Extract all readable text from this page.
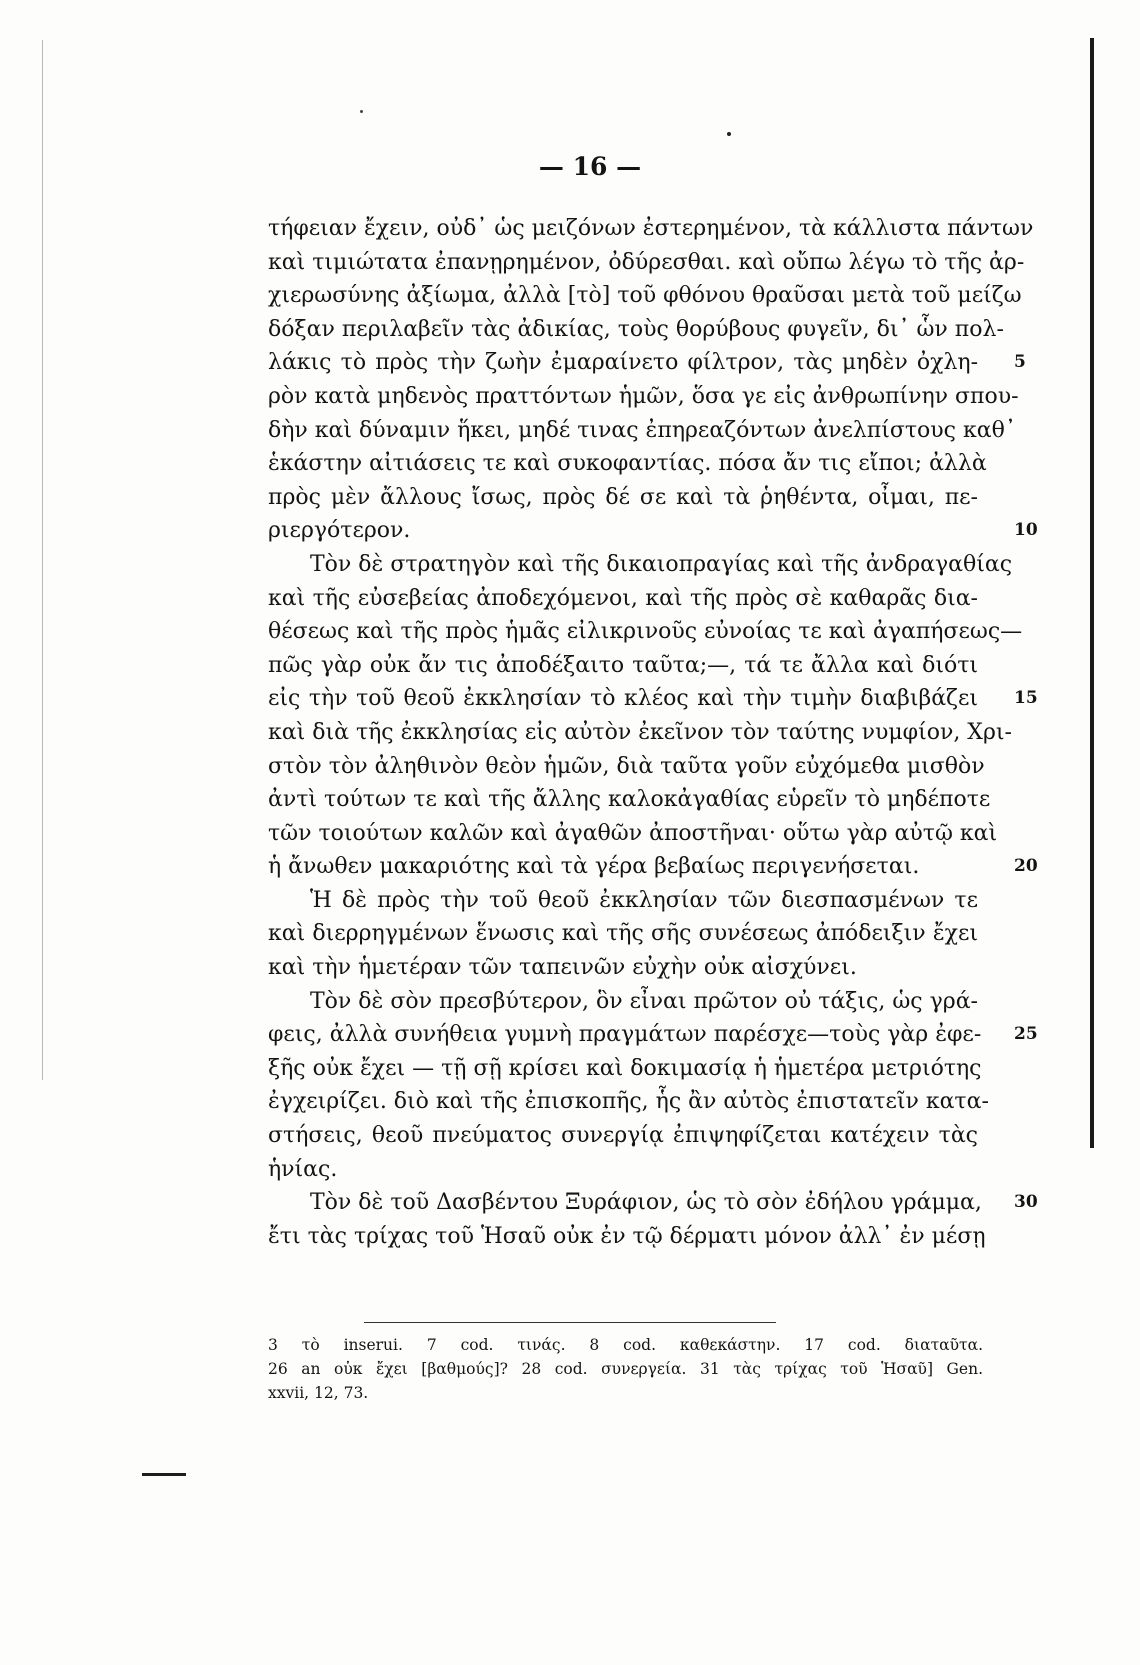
— 16 —
τήφειαν ἔχειν, οὐδ᾽ ὡς μειζόνων ἐστερημένον, τὰ κάλλιστα πάντων
καὶ τιμιώτατα ἐπανῃρημένον, ὀδύρεσθαι. καὶ οὔπω λέγω τὸ τῆς ἀρ-
χιερωσύνης ἀξίωμα, ἀλλὰ [τὸ] τοῦ φθόνου θραῦσαι μετὰ τοῦ μείζω
δόξαν περιλαβεῖν τὰς ἀδικίας, τοὺς θορύβους φυγεῖν, δι᾽ ὧν πολ-
λάκις τὸ πρὸς τὴν ζωὴν ἐμαραίνετο φίλτρον, τὰς μηδὲν ὀχλη- 5
ρὸν κατὰ μηδενὸς πραττόντων ἡμῶν, ὅσα γε εἰς ἀνθρωπίνην σπου-
δὴν καὶ δύναμιν ἥκει, μηδέ τινας ἐπηρεαζόντων ἀνελπίστους καθ᾽
ἑκάστην αἰτιάσεις τε καὶ συκοφαντίας. πόσα ἄν τις εἴποι; ἀλλὰ
πρὸς μὲν ἄλλους ἴσως, πρὸς δέ σε καὶ τὰ ῥηθέντα, οἶμαι, πε-
ριεργότερον.	10
Τὸν δὲ στρατηγὸν καὶ τῆς δικαιοπραγίας καὶ τῆς ἀνδραγαθίας
καὶ τῆς εὐσεβείας ἀποδεχόμενοι, καὶ τῆς πρὸς σὲ καθαρᾶς δια-
θέσεως καὶ τῆς πρὸς ἡμᾶς εἰλικρινοῦς εὐνοίας τε καὶ ἀγαπήσεως—
πῶς γὰρ οὐκ ἄν τις ἀποδέξαιτο ταῦτα;—, τά τε ἄλλα καὶ διότι
εἰς τὴν τοῦ θεοῦ ἐκκλησίαν τὸ κλέος καὶ τὴν τιμὴν διαβιβάζει 15
καὶ διὰ τῆς ἐκκλησίας εἰς αὐτὸν ἐκεῖνον τὸν ταύτης νυμφίον, Χρι-
στὸν τὸν ἀληθινὸν θεὸν ἡμῶν, διὰ ταῦτα γοῦν εὐχόμεθα μισθὸν
ἀντὶ τούτων τε καὶ τῆς ἄλλης καλοκἀγαθίας εὑρεῖν τὸ μηδέποτε
τῶν τοιούτων καλῶν καὶ ἀγαθῶν ἀποστῆναι· οὕτω γὰρ αὐτῷ καὶ
ἡ ἄνωθεν μακαριότης καὶ τὰ γέρα βεβαίως περιγενήσεται.	20
Ἡ δὲ πρὸς τὴν τοῦ θεοῦ ἐκκλησίαν τῶν διεσπασμένων τε
καὶ διερρηγμένων ἕνωσις καὶ τῆς σῆς συνέσεως ἀπόδειξιν ἔχει
καὶ τὴν ἡμετέραν τῶν ταπεινῶν εὐχὴν οὐκ αἰσχύνει.
Τὸν δὲ σὸν πρεσβύτερον, ὃν εἶναι πρῶτον οὐ τάξις, ὡς γρά-
φεις, ἀλλὰ συνήθεια γυμνὴ πραγμάτων παρέσχε—τοὺς γὰρ ἐφε- 25
ξῆς οὐκ ἔχει — τῇ σῇ κρίσει καὶ δοκιμασίᾳ ἡ ἡμετέρα μετριότης
ἐγχειρίζει. διὸ καὶ τῆς ἐπισκοπῆς, ἧς ἂν αὐτὸς ἐπιστατεῖν κατα-
στήσεις, θεοῦ πνεύματος συνεργίᾳ ἐπιψηφίζεται κατέχειν τὰς
ἡνίας.
Τὸν δὲ τοῦ Δασβέντου Ξυράφιον, ὡς τὸ σὸν ἐδήλου γράμμα, 30
ἔτι τὰς τρίχας τοῦ Ἡσαῦ οὐκ ἐν τῷ δέρματι μόνον ἀλλ᾽ ἐν μέσῃ
3 τὸ inserui. 7 cod. τινάς. 8 cod. καθεκάστην. 17 cod. διαταῦτα.
26 an οὐκ ἔχει [βαθμούς]? 28 cod. συνεργεία. 31 τὰς τρίχας τοῦ Ἡσαῦ] Gen.
xxvii, 12, 73.
